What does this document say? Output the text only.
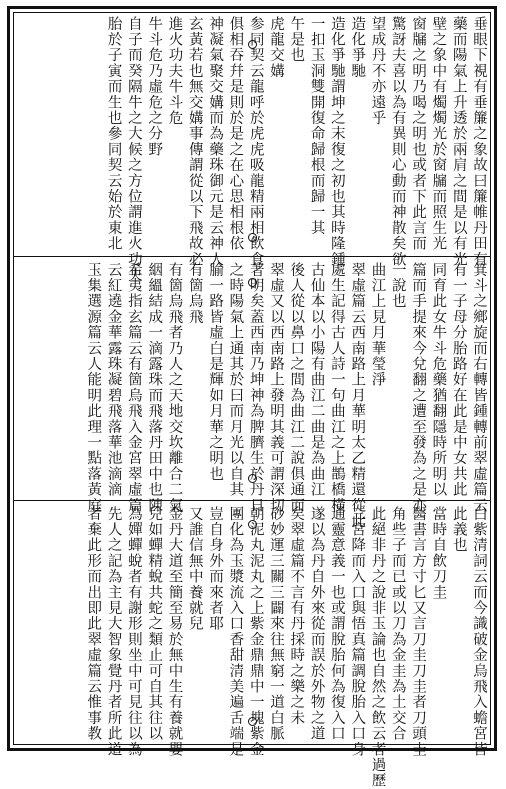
垂眼下視有垂簾之象故曰簾帷丹田有
藥而陽氣上升透於兩肩之間是以有光
壁之象中有燭燭光於窗牖而照生光
窗牖之明乃喝之明也或者下此言而
驚訝夫喜以為有異則心動而神散矣欲
望成丹不亦遠乎
造化爭馳
造化爭馳謂坤之末復之初也其時隆鍾
一扣玉洞雙開復命歸根而歸一其
午是也
虎龍交媾
参同契云龍呼於虎虎吸龍精兩相飲食
俱相吞幷是則於是之在心思相根依
神凝氣聚交媾而為藥珠御元是云神人
玄黃若也無交媾事傳謂從以下飛故必
進火功夫牛斗危
牛斗危乃虛危之分野
自子而癸隔牛之大候之方位謂進火功夫
胎於子寅而生也參同契云始於東北
箕斗之鄉旋而右轉皆鍾轉前翠虛篇云
有一子母分胎路好在此是中女共此
同育此女牛斗危藥猶翻隱時所明以
篇而手提來今兌翻之遭至發為之是亦
一說也
曲江上見月華瑩淨
翠虛篇云西南路上月華明太乙精還從此
處生記得古人詩一句曲江之上鵲橋橫
古仙本以小陽有曲江二曲是為曲江
後人從以鼻口之間為曲江二說俱通而
翠虛又以西南路上發明其義可謂深切
著明矣蓋西南乃坤神為脾臍生於丹日
之時陽氣上通其於曰而月光以自其
腧一路皆虛白是輝如月華之明也
有箇烏飛
有箇烏飛者乃人之天地交坎離合二氣
絪縕結成一滴露珠而飛落丹田中也陳
希夷指玄篇云有箇烏飛入金宮翠虛篇
云紅遶金華露珠凝碧飛落華池滴滴
玉集選源篇云人能明此理一點落黃庭
白紫清詞云而今識破金烏飛入蟾宮皆
此義也
當時自飲刀圭
醫書言方寸匕又言刀圭刀圭者刀頭圭
角些子而已或以刀為金圭為土交合
此絕非丹之說非玉論也自然之飲云者過歷
三宮降而入口與悟真篇調脫胎入口身
通靈意義一也或謂脫胎何為復入口
遂以為丹自外來從而誤於外物之道
矣翠虛篇不言有丹採時之樂之未
砂妙運三關三闢來往無窮一道白脈
朝泥丸泥丸之上紫金鼎鼎中一塊紫金
團化為玉漿流入口香甜清美遍舌端是
豈自身外而來者耶
又誰信無中養就兒
金丹大道至簡至易於無中生有養就嬰
兒如蟬精蛻共蛇之類止可自其往以
為嬋蟬蛻者有謝形則坐中可見往以為
先人之記為主見大智象覺丹者所此道
者棄此形而出即此翠虛篇云惟事教
